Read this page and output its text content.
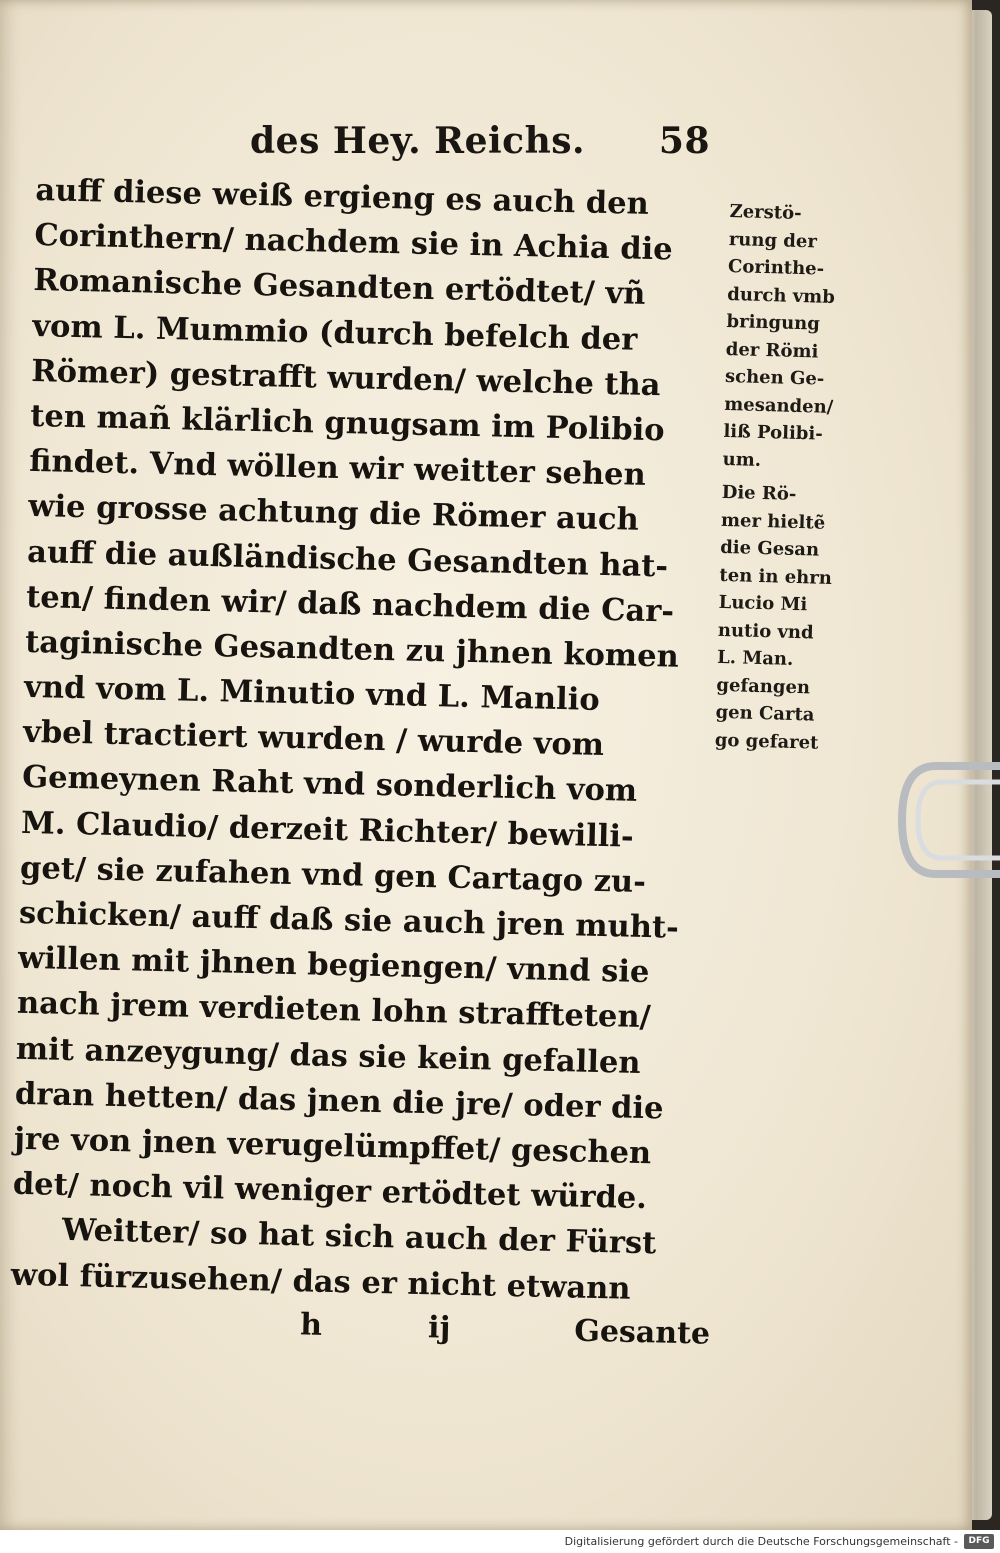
des Hey. Reichs. 58
auff diese weiß ergieng es auch den
Corinthern/ nachdem sie in Achia die
Romanische Gesandten ertödtet/ vñ
vom L. Mummio (durch befelch der
Römer) gestrafft wurden/ welche tha
ten mañ klärlich gnugsam im Polibio
findet. Vnd wöllen wir weitter sehen
wie grosse achtung die Römer auch
auff die außländische Gesandten hat-
ten/ finden wir/ daß nachdem die Car-
taginische Gesandten zu jhnen komen
vnd vom L. Minutio vnd L. Manlio
vbel tractiert wurden / wurde vom
Gemeynen Raht vnd sonderlich vom
M. Claudio/ derzeit Richter/ bewilli-
get/ sie zufahen vnd gen Cartago zu-
schicken/ auff daß sie auch jren muht-
willen mit jhnen begiengen/ vnnd sie
nach jrem verdieten lohn straffteten/
mit anzeygung/ das sie kein gefallen
dran hetten/ das jnen die jre/ oder die
jre von jnen verugelümpffet/ geschen
det/ noch vil weniger ertödtet würde.
Weitter/ so hat sich auch der Fürst
wol fürzusehen/ das er nicht etwann
Zerstö-
rung der
Corinthe-
durch vmb
bringung
der Römi
schen Ge-
mesanden/
liß Polibi-
um.
Die Rö-
mer hieltẽ
die Gesan
ten in ehrn
Lucio Mi
nutio vnd
L. Man.
gefangen
gen Carta
go gefaret
h	ij	Gesante
Digitalisierung gefördert durch die Deutsche Forschungsgemeinschaft -	DFG
